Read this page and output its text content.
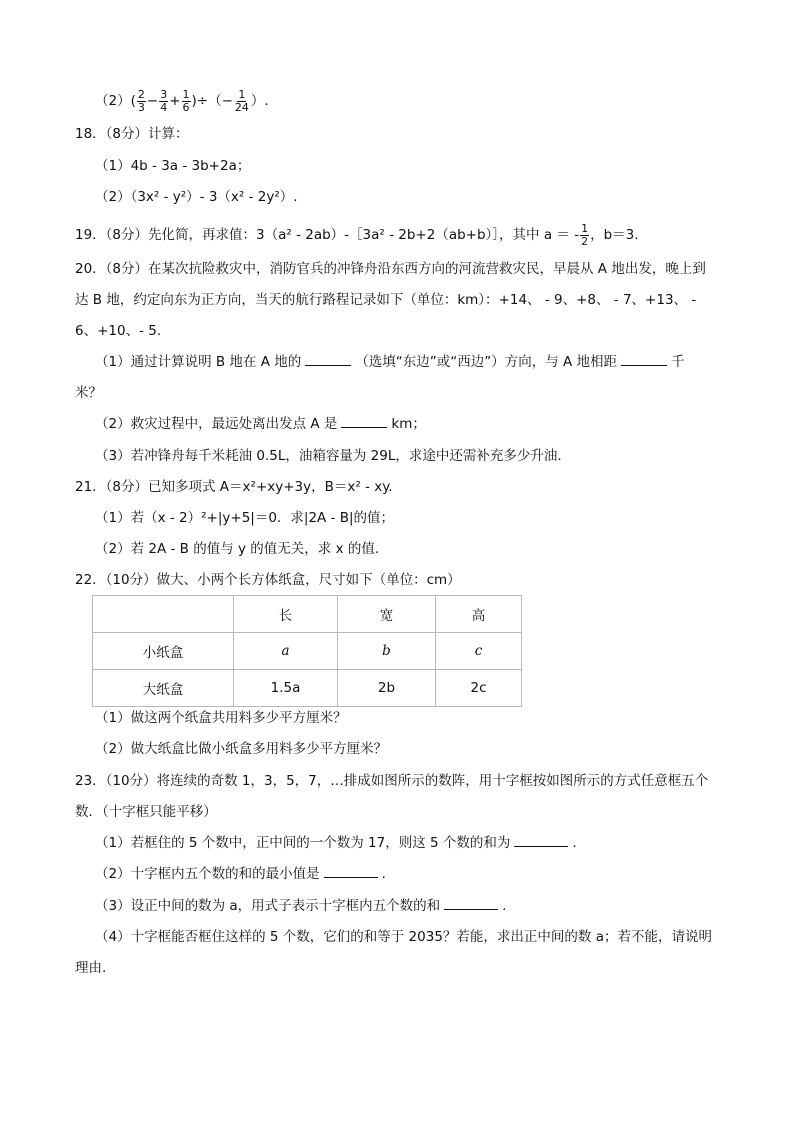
$(2)( \frac{2}{3} - \frac{3}{4} + \frac{1}{6}$ )÷（− $\frac{1}{24}$ ）.
18．（8分）计算：
（1）4b - 3a - 3b+2a；
（2）（3x² - y²）- 3（x² - 2y²）.
19．（8分）先化简，再求值：3（a² - 2ab）-［3a² - 2b+2（ab+b）］，其中 a ＝ - $\frac{1}{2}$ ，b＝3.
20．（8分）在某次抗险救灾中，消防官兵的冲锋舟沿东西方向的河流营救灾民，早晨从 A 地出发，晚上到
达 B 地，约定向东为正方向，当天的航行路程记录如下（单位：km）：+14、 - 9、+8、 - 7、+13、 -
6、+10、- 5.
（1）通过计算说明 B 地在 A 地的	（选填“东边”或“西边”）方向，与 A 地相距	千
米？
（2）救灾过程中，最远处离出发点 A 是	km；
（3）若冲锋舟每千米耗油 0.5L，油箱容量为 29L，求途中还需补充多少升油.
21．（8分）已知多项式 A＝x²+xy+3y，B＝x² - xy.
（1）若（x - 2）²+|y+5|＝0．求|2A - B|的值；
（2）若 2A - B 的值与 y 的值无关，求 x 的值.
22．（10分）做大、小两个长方体纸盒，尺寸如下（单位：cm）
	长	宽	高
小纸盒	a	b	c
大纸盒	1.5a	2b	2c
（1）做这两个纸盒共用料多少平方厘米？
（2）做大纸盒比做小纸盒多用料多少平方厘米？
23．（10分）将连续的奇数 1，3，5，7，…排成如图所示的数阵，用十字框按如图所示的方式任意框五个
数．（十字框只能平移）
（1）若框住的 5 个数中，正中间的一个数为 17，则这 5 个数的和为	.
（2）十字框内五个数的和的最小值是	.
（3）设正中间的数为 a，用式子表示十字框内五个数的和	.
（4）十字框能否框住这样的 5 个数，它们的和等于 2035？若能，求出正中间的数 a；若不能，请说明
理由.
